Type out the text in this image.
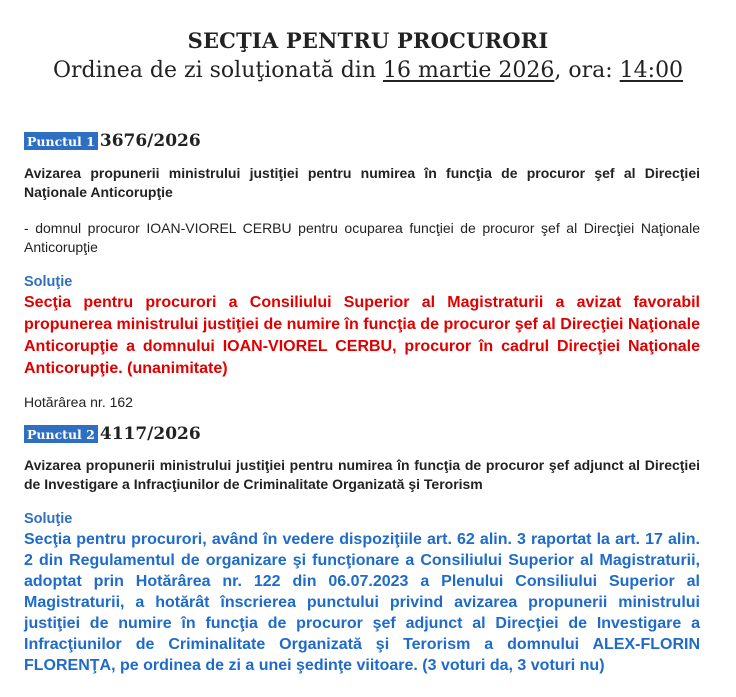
SECŢIA PENTRU PROCURORI
Ordinea de zi soluţionată din 16 martie 2026, ora: 14:00
Punctul 1 3676/2026
Avizarea propunerii ministrului justiţiei pentru numirea în funcţia de procuror şef al Direcţiei Naţionale Anticorupţie
- domnul procuror IOAN-VIOREL CERBU pentru ocuparea funcţiei de procuror şef al Direcţiei Naţionale Anticorupţie
Soluţie
Secţia pentru procurori a Consiliului Superior al Magistraturii a avizat favorabil propunerea ministrului justiţiei de numire în funcţia de procuror şef al Direcţiei Naţionale Anticorupţie a domnului IOAN-VIOREL CERBU, procuror în cadrul Direcţiei Naţionale Anticorupţie. (unanimitate)
Hotărârea nr. 162
Punctul 2 4117/2026
Avizarea propunerii ministrului justiţiei pentru numirea în funcţia de procuror şef adjunct al Direcţiei de Investigare a Infracţiunilor de Criminalitate Organizată şi Terorism
Soluţie
Secţia pentru procurori, având în vedere dispoziţiile art. 62 alin. 3 raportat la art. 17 alin. 2 din Regulamentul de organizare şi funcţionare a Consiliului Superior al Magistraturii, adoptat prin Hotărârea nr. 122 din 06.07.2023 a Plenului Consiliului Superior al Magistraturii, a hotărât înscrierea punctului privind avizarea propunerii ministrului justiţiei de numire în funcţia de procuror şef adjunct al Direcţiei de Investigare a Infracţiunilor de Criminalitate Organizată şi Terorism a domnului ALEX-FLORIN FLORENŢA, pe ordinea de zi a unei şedinţe viitoare. (3 voturi da, 3 voturi nu)
